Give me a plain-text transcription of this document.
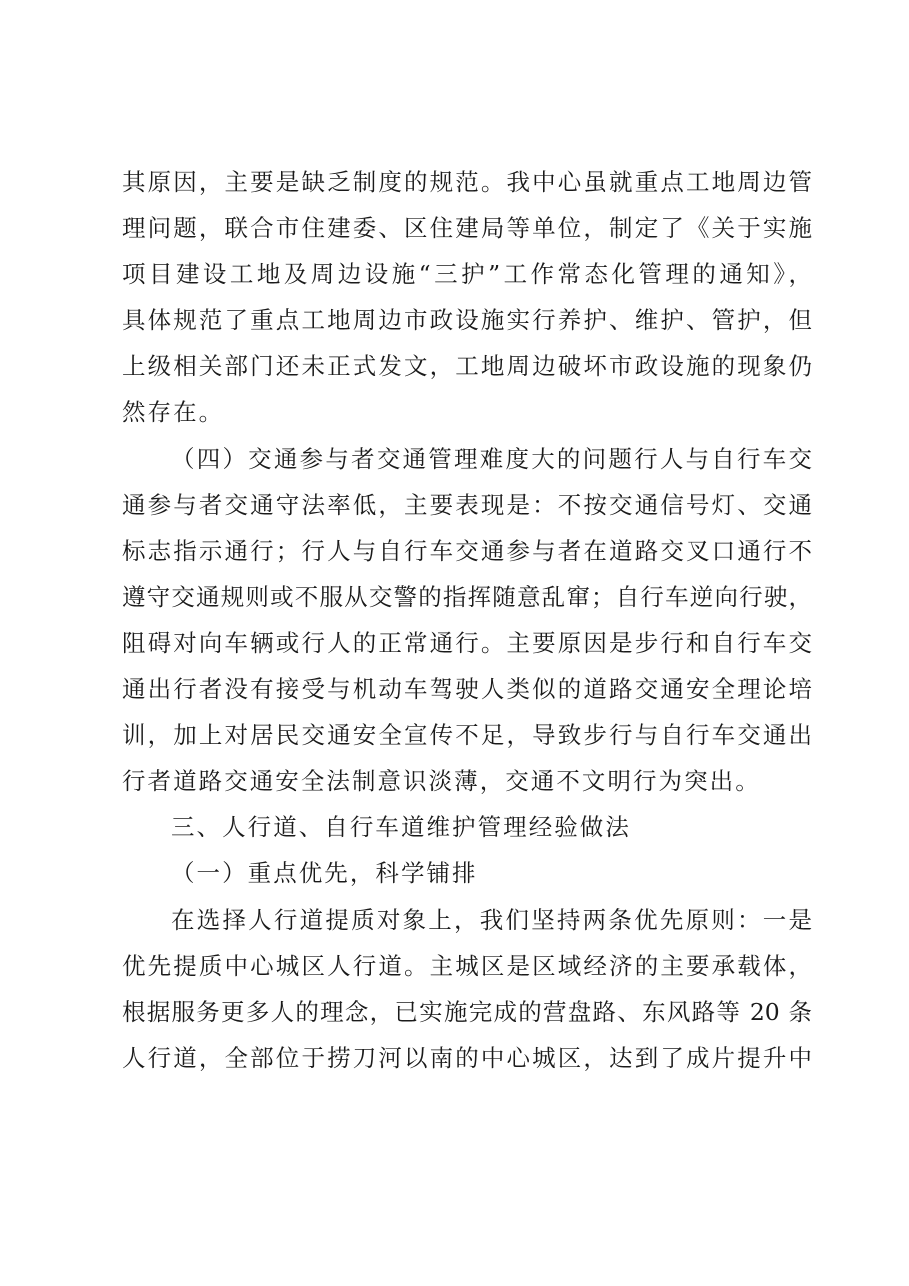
其原因，主要是缺乏制度的规范。我中心虽就重点工地周边管
理问题，联合市住建委、区住建局等单位，制定了《关于实施
项目建设工地及周边设施“三护”工作常态化管理的通知》，
具体规范了重点工地周边市政设施实行养护、维护、管护，但
上级相关部门还未正式发文，工地周边破坏市政设施的现象仍
然存在。
（四）交通参与者交通管理难度大的问题行人与自行车交
通参与者交通守法率低，主要表现是：不按交通信号灯、交通
标志指示通行；行人与自行车交通参与者在道路交叉口通行不
遵守交通规则或不服从交警的指挥随意乱窜；自行车逆向行驶，
阻碍对向车辆或行人的正常通行。主要原因是步行和自行车交
通出行者没有接受与机动车驾驶人类似的道路交通安全理论培
训，加上对居民交通安全宣传不足，导致步行与自行车交通出
行者道路交通安全法制意识淡薄，交通不文明行为突出。
三、人行道、自行车道维护管理经验做法
（一）重点优先，科学铺排
在选择人行道提质对象上，我们坚持两条优先原则：一是
优先提质中心城区人行道。主城区是区域经济的主要承载体，
根据服务更多人的理念，已实施完成的营盘路、东风路等 20 条
人行道，全部位于捞刀河以南的中心城区，达到了成片提升中
